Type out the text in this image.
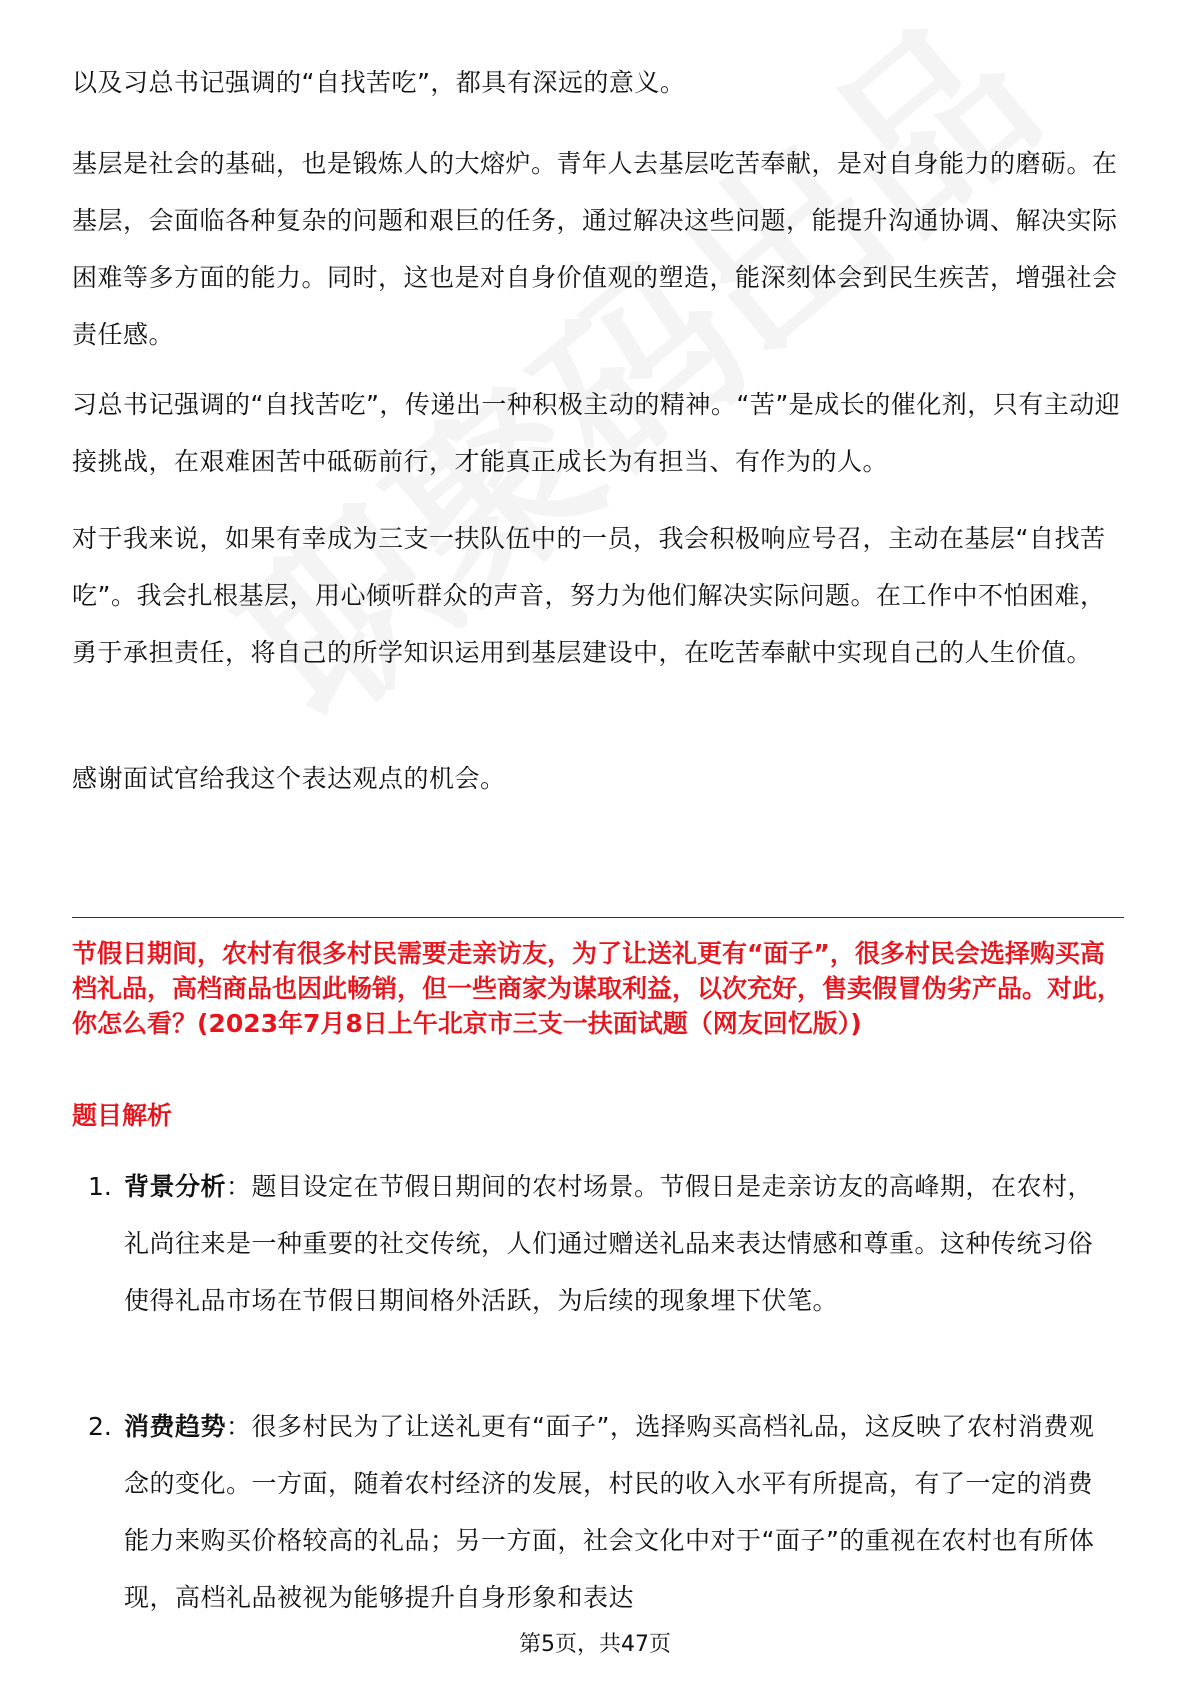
以及习总书记强调的“自找苦吃”，都具有深远的意义。

基层是社会的基础，也是锻炼人的大熔炉。青年人去基层吃苦奉献，是对自身能力的磨砺。在基层，会面临各种复杂的问题和艰巨的任务，通过解决这些问题，能提升沟通协调、解决实际困难等多方面的能力。同时，这也是对自身价值观的塑造，能深刻体会到民生疾苦，增强社会责任感。

习总书记强调的“自找苦吃”，传递出一种积极主动的精神。“苦”是成长的催化剂，只有主动迎接挑战，在艰难困苦中砥砺前行，才能真正成长为有担当、有作为的人。

对于我来说，如果有幸成为三支一扶队伍中的一员，我会积极响应号召，主动在基层“自找苦吃”。我会扎根基层，用心倾听群众的声音，努力为他们解决实际问题。在工作中不怕困难，勇于承担责任，将自己的所学知识运用到基层建设中，在吃苦奉献中实现自己的人生价值。

感谢面试官给我这个表达观点的机会。

节假日期间，农村有很多村民需要走亲访友，为了让送礼更有“面子”，很多村民会选择购买高档礼品，高档商品也因此畅销，但一些商家为谋取利益，以次充好，售卖假冒伪劣产品。对此，你怎么看？(2023年7月8日上午北京市三支一扶面试题（网友回忆版）)

题目解析

1. 背景分析：题目设定在节假日期间的农村场景。节假日是走亲访友的高峰期，在农村，礼尚往来是一种重要的社交传统，人们通过赠送礼品来表达情感和尊重。这种传统习俗使得礼品市场在节假日期间格外活跃，为后续的现象埋下伏笔。
2. 消费趋势：很多村民为了让送礼更有“面子”，选择购买高档礼品，这反映了农村消费观念的变化。一方面，随着农村经济的发展，村民的收入水平有所提高，有了一定的消费能力来购买价格较高的礼品；另一方面，社会文化中对于“面子”的重视在农村也有所体现，高档礼品被视为能够提升自身形象和表达
第5页，共47页
